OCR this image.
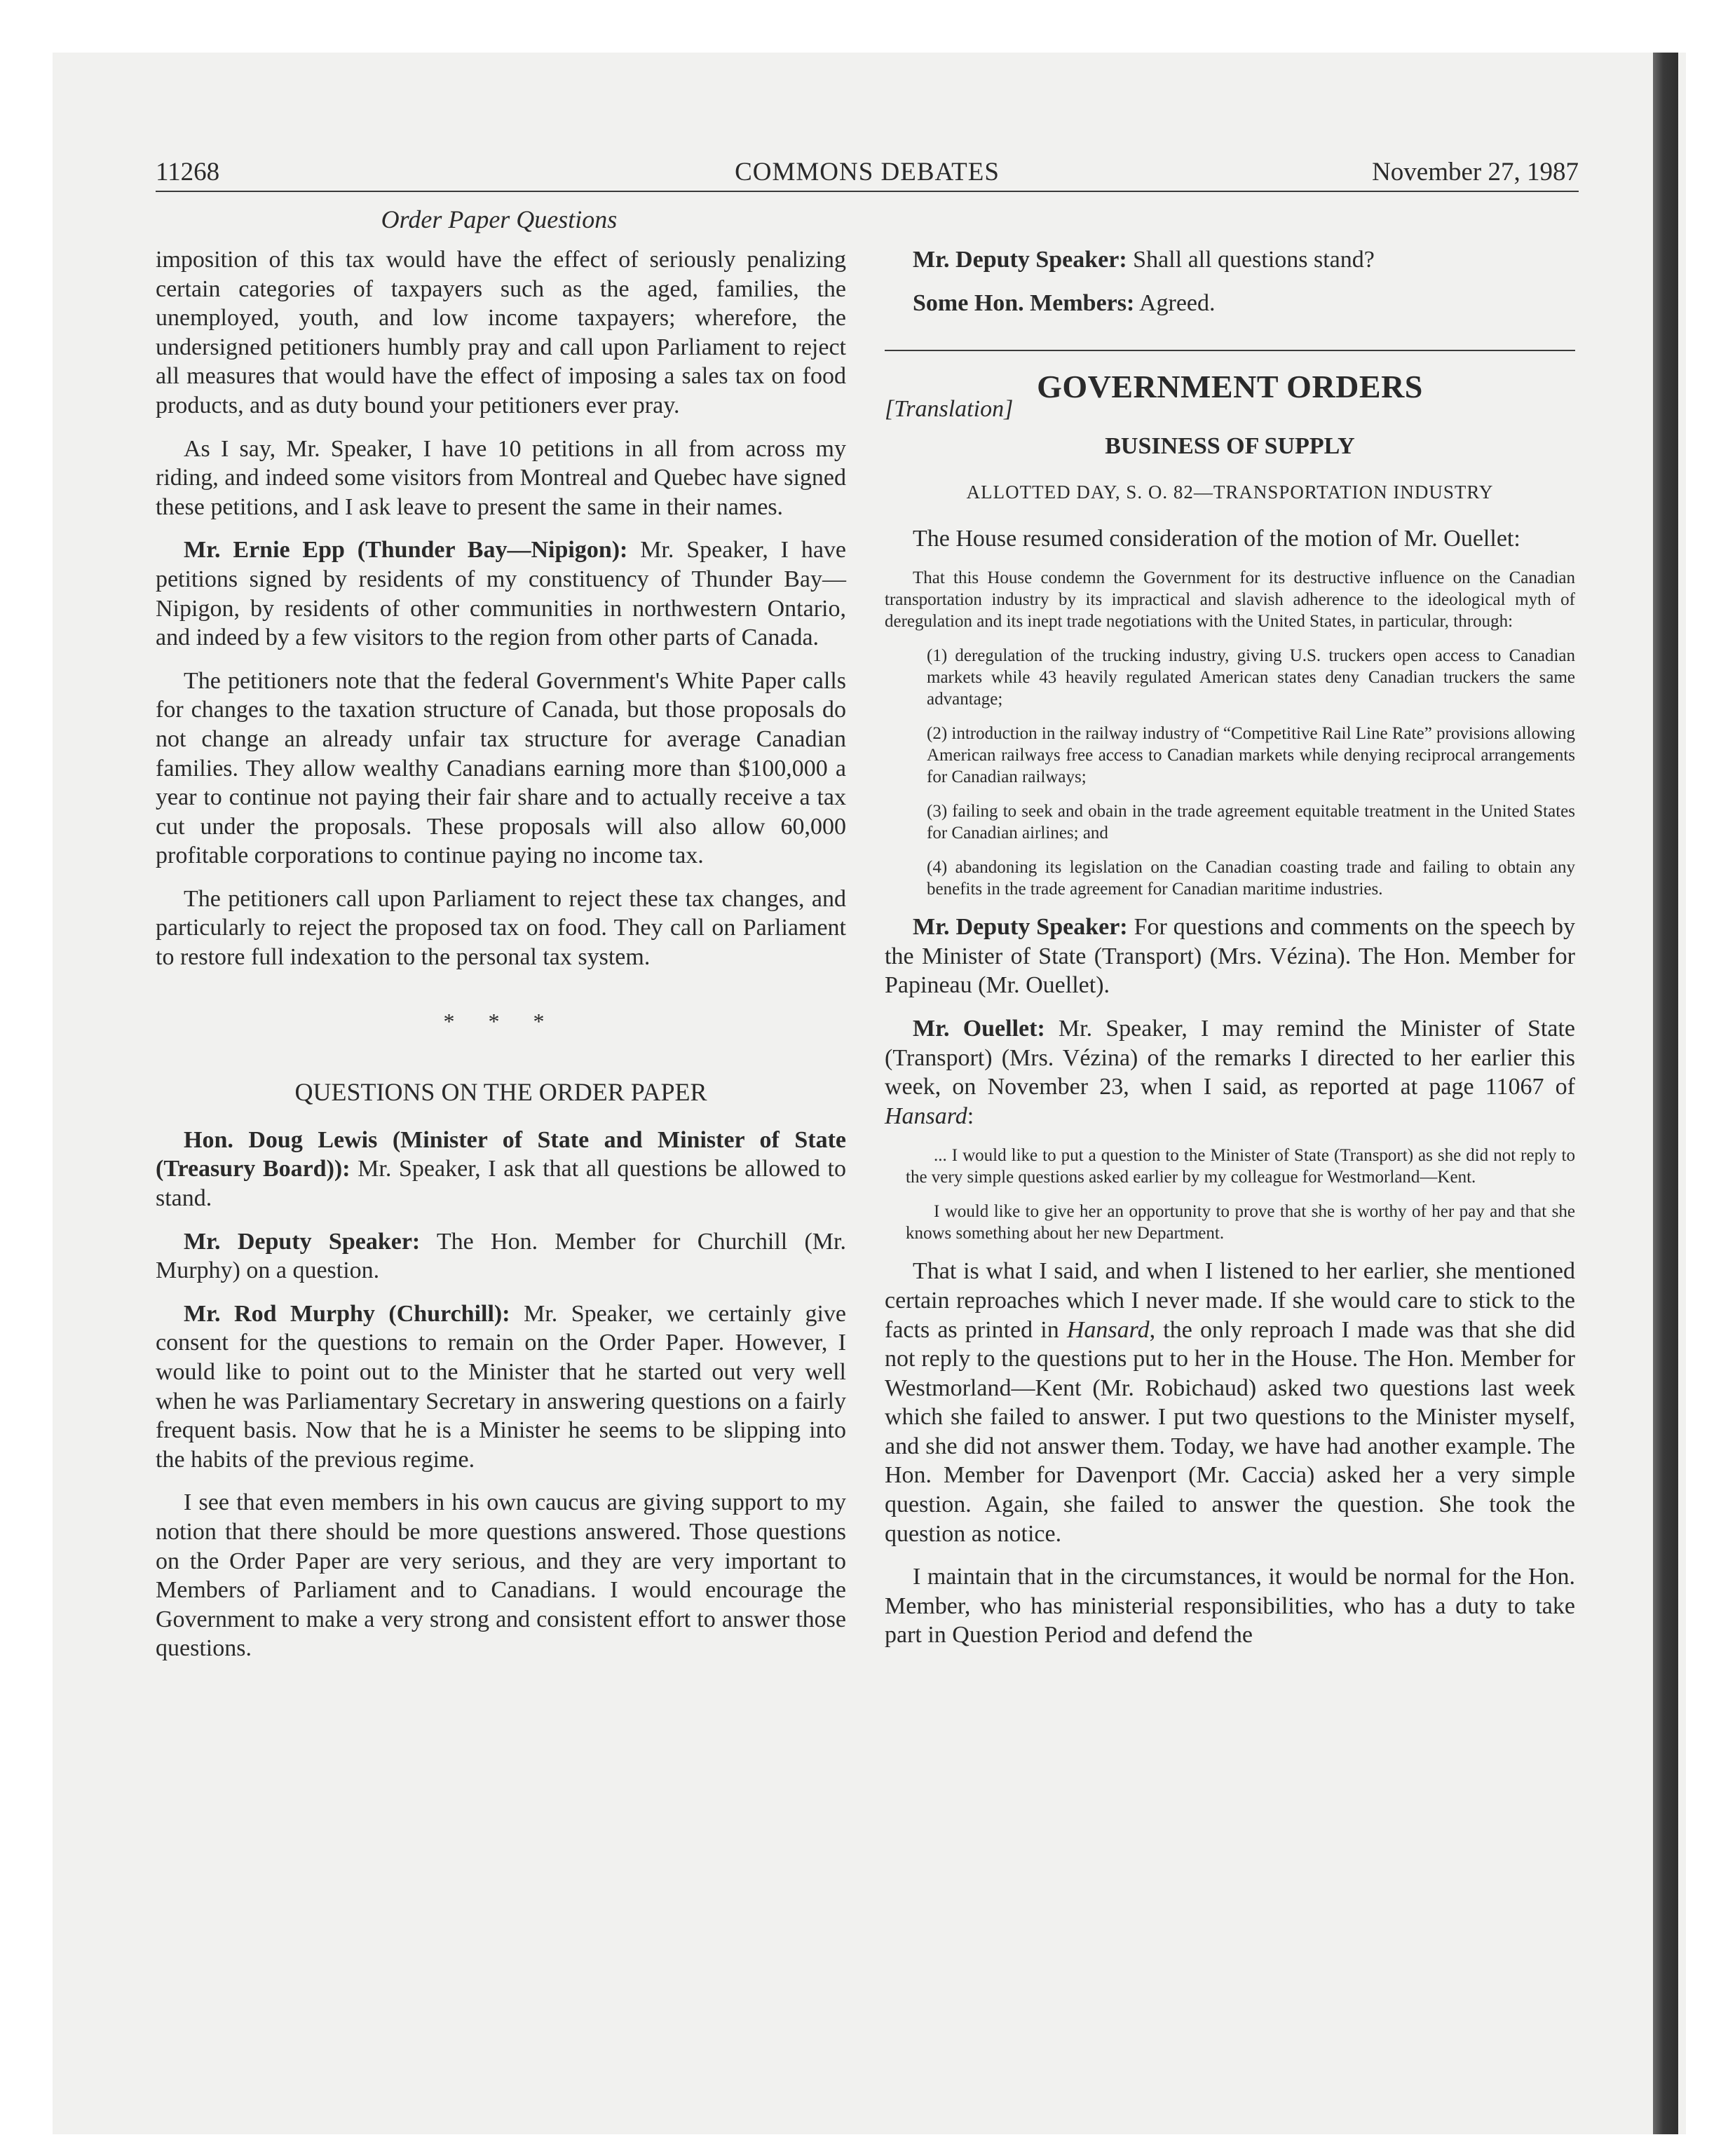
11268	COMMONS DEBATES	November 27, 1987
Order Paper Questions

imposition of this tax would have the effect of seriously penalizing certain categories of taxpayers such as the aged, families, the unemployed, youth, and low income taxpayers; wherefore, the undersigned petitioners humbly pray and call upon Parliament to reject all measures that would have the effect of imposing a sales tax on food products, and as duty bound your petitioners ever pray.

As I say, Mr. Speaker, I have 10 petitions in all from across my riding, and indeed some visitors from Montreal and Quebec have signed these petitions, and I ask leave to present the same in their names.

Mr. Ernie Epp (Thunder Bay—Nipigon): Mr. Speaker, I have petitions signed by residents of my constituency of Thunder Bay—Nipigon, by residents of other communities in northwestern Ontario, and indeed by a few visitors to the region from other parts of Canada.

The petitioners note that the federal Government's White Paper calls for changes to the taxation structure of Canada, but those proposals do not change an already unfair tax structure for average Canadian families. They allow wealthy Canadians earning more than $100,000 a year to continue not paying their fair share and to actually receive a tax cut under the proposals. These proposals will also allow 60,000 profitable corporations to continue paying no income tax.

The petitioners call upon Parliament to reject these tax changes, and particularly to reject the proposed tax on food. They call on Parliament to restore full indexation to the personal tax system.

* * *
QUESTIONS ON THE ORDER PAPER

Hon. Doug Lewis (Minister of State and Minister of State (Treasury Board)): Mr. Speaker, I ask that all questions be allowed to stand.

Mr. Deputy Speaker: The Hon. Member for Churchill (Mr. Murphy) on a question.

Mr. Rod Murphy (Churchill): Mr. Speaker, we certainly give consent for the questions to remain on the Order Paper. However, I would like to point out to the Minister that he started out very well when he was Parliamentary Secretary in answering questions on a fairly frequent basis. Now that he is a Minister he seems to be slipping into the habits of the previous regime.

I see that even members in his own caucus are giving support to my notion that there should be more questions answered. Those questions on the Order Paper are very serious, and they are very important to Members of Parliament and to Canadians. I would encourage the Government to make a very strong and consistent effort to answer those questions.

Mr. Deputy Speaker: Shall all questions stand?

Some Hon. Members: Agreed.

GOVERNMENT ORDERS
[Translation]
BUSINESS OF SUPPLY
ALLOTTED DAY, S. O. 82—TRANSPORTATION INDUSTRY

The House resumed consideration of the motion of Mr. Ouellet:

That this House condemn the Government for its destructive influence on the Canadian transportation industry by its impractical and slavish adherence to the ideological myth of deregulation and its inept trade negotiations with the United States, in particular, through:

(1) deregulation of the trucking industry, giving U.S. truckers open access to Canadian markets while 43 heavily regulated American states deny Canadian truckers the same advantage;

(2) introduction in the railway industry of “Competitive Rail Line Rate” provisions allowing American railways free access to Canadian markets while denying reciprocal arrangements for Canadian railways;

(3) failing to seek and obain in the trade agreement equitable treatment in the United States for Canadian airlines; and

(4) abandoning its legislation on the Canadian coasting trade and failing to obtain any benefits in the trade agreement for Canadian maritime industries.

Mr. Deputy Speaker: For questions and comments on the speech by the Minister of State (Transport) (Mrs. Vézina). The Hon. Member for Papineau (Mr. Ouellet).

Mr. Ouellet: Mr. Speaker, I may remind the Minister of State (Transport) (Mrs. Vézina) of the remarks I directed to her earlier this week, on November 23, when I said, as reported at page 11067 of Hansard:

... I would like to put a question to the Minister of State (Transport) as she did not reply to the very simple questions asked earlier by my colleague for Westmorland—Kent.

I would like to give her an opportunity to prove that she is worthy of her pay and that she knows something about her new Department.

That is what I said, and when I listened to her earlier, she mentioned certain reproaches which I never made. If she would care to stick to the facts as printed in Hansard, the only reproach I made was that she did not reply to the questions put to her in the House. The Hon. Member for Westmorland—Kent (Mr. Robichaud) asked two questions last week which she failed to answer. I put two questions to the Minister myself, and she did not answer them. Today, we have had another example. The Hon. Member for Davenport (Mr. Caccia) asked her a very simple question. Again, she failed to answer the question. She took the question as notice.

I maintain that in the circumstances, it would be normal for the Hon. Member, who has ministerial responsibilities, who has a duty to take part in Question Period and defend the
